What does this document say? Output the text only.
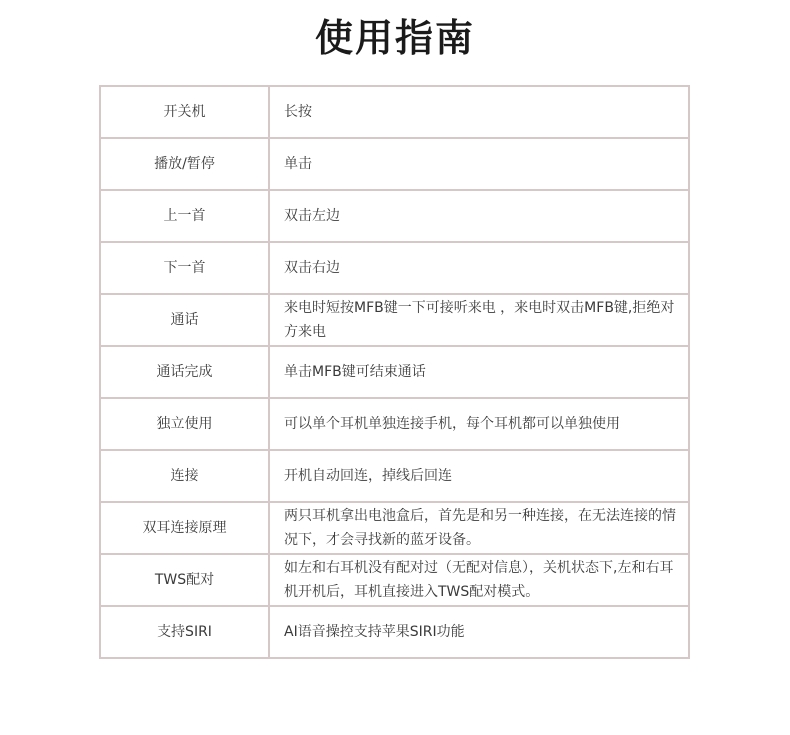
使用指南
开关机	长按
播放/暂停	单击
上一首	双击左边
下一首	双击右边
通话	来电时短按MFB键一下可接听来电 ，来电时双击MFB键,拒绝对方来电
通话完成	单击MFB键可结束通话
独立使用	可以单个耳机单独连接手机，每个耳机都可以单独使用
连接	开机自动回连，掉线后回连
双耳连接原理	两只耳机拿出电池盒后，首先是和另一种连接，在无法连接的情况下，才会寻找新的蓝牙设备。
TWS配对	如左和右耳机没有配对过（无配对信息），关机状态下,左和右耳机开机后，耳机直接进入TWS配对模式。
支持SIRI	AI语音操控支持苹果SIRI功能
